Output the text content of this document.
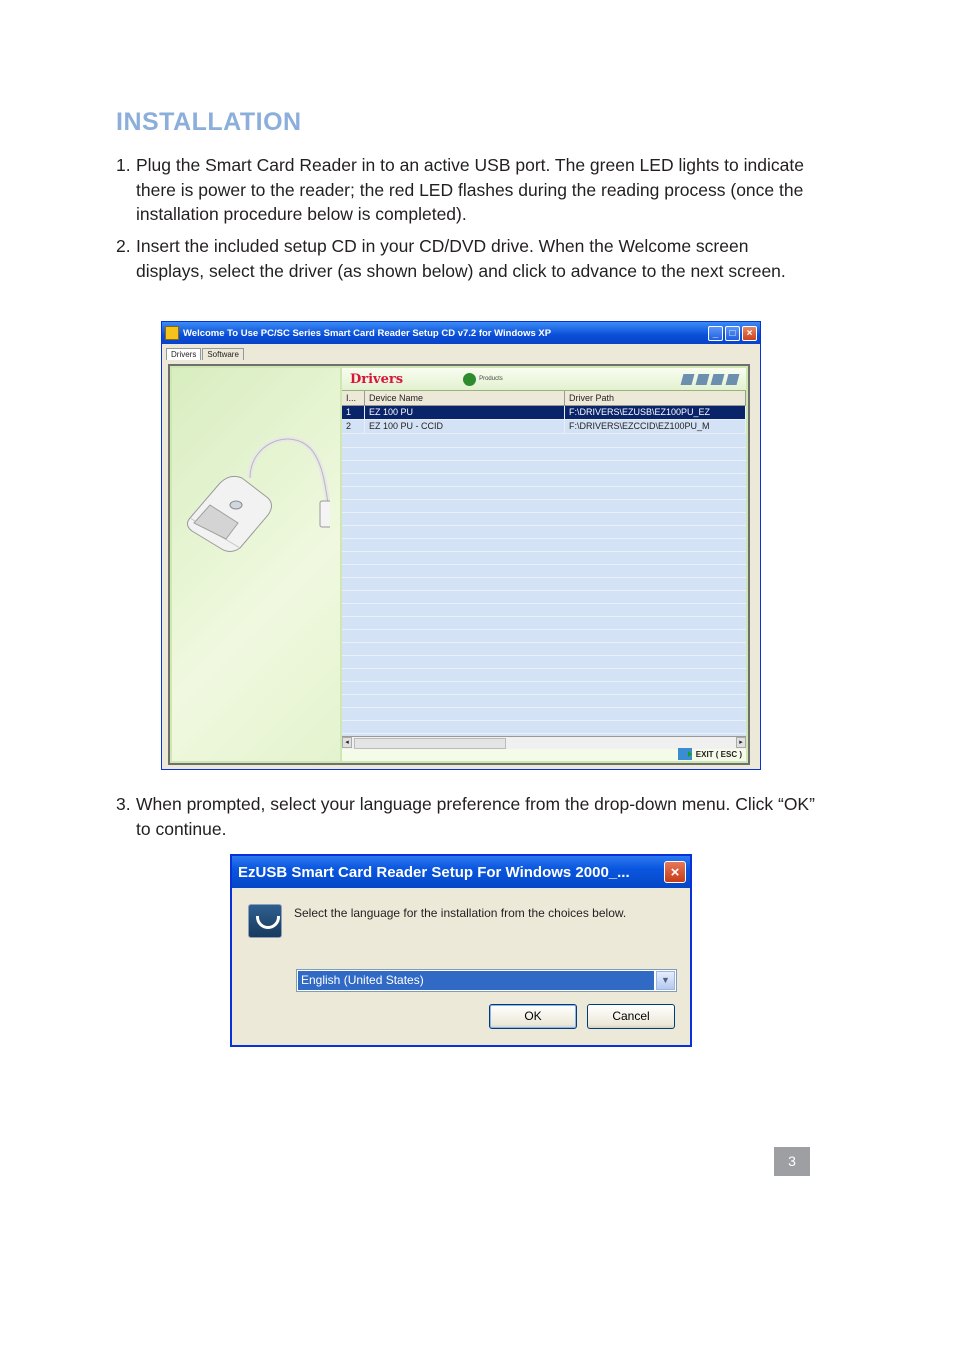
INSTALLATION

1. Plug the Smart Card Reader in to an active USB port. The green LED lights to indicate there is power to the reader; the red LED flashes during the reading process (once the installation procedure below is completed).

2. Insert the included setup CD in your CD/DVD drive. When the Welcome screen displays, select the driver (as shown below) and click to advance to the next screen.

Welcome To Use PC/SC Series Smart Card Reader Setup CD v7.2 for Windows XP	_	□	×
Drivers	Software
Drivers	Products
I...	Device Name	Driver Path
1	EZ 100 PU	F:\DRIVERS\EZUSB\EZ100PU_EZ
2	EZ 100 PU - CCID	F:\DRIVERS\EZCCID\EZ100PU_M
◂	▸
EXIT ( ESC )

3. When prompted, select your language preference from the drop-down menu. Click “OK” to continue.

EzUSB Smart Card Reader Setup For Windows 2000_...	×
Select the language for the installation from the choices below.
English (United States)	▼
OK	Cancel
3
